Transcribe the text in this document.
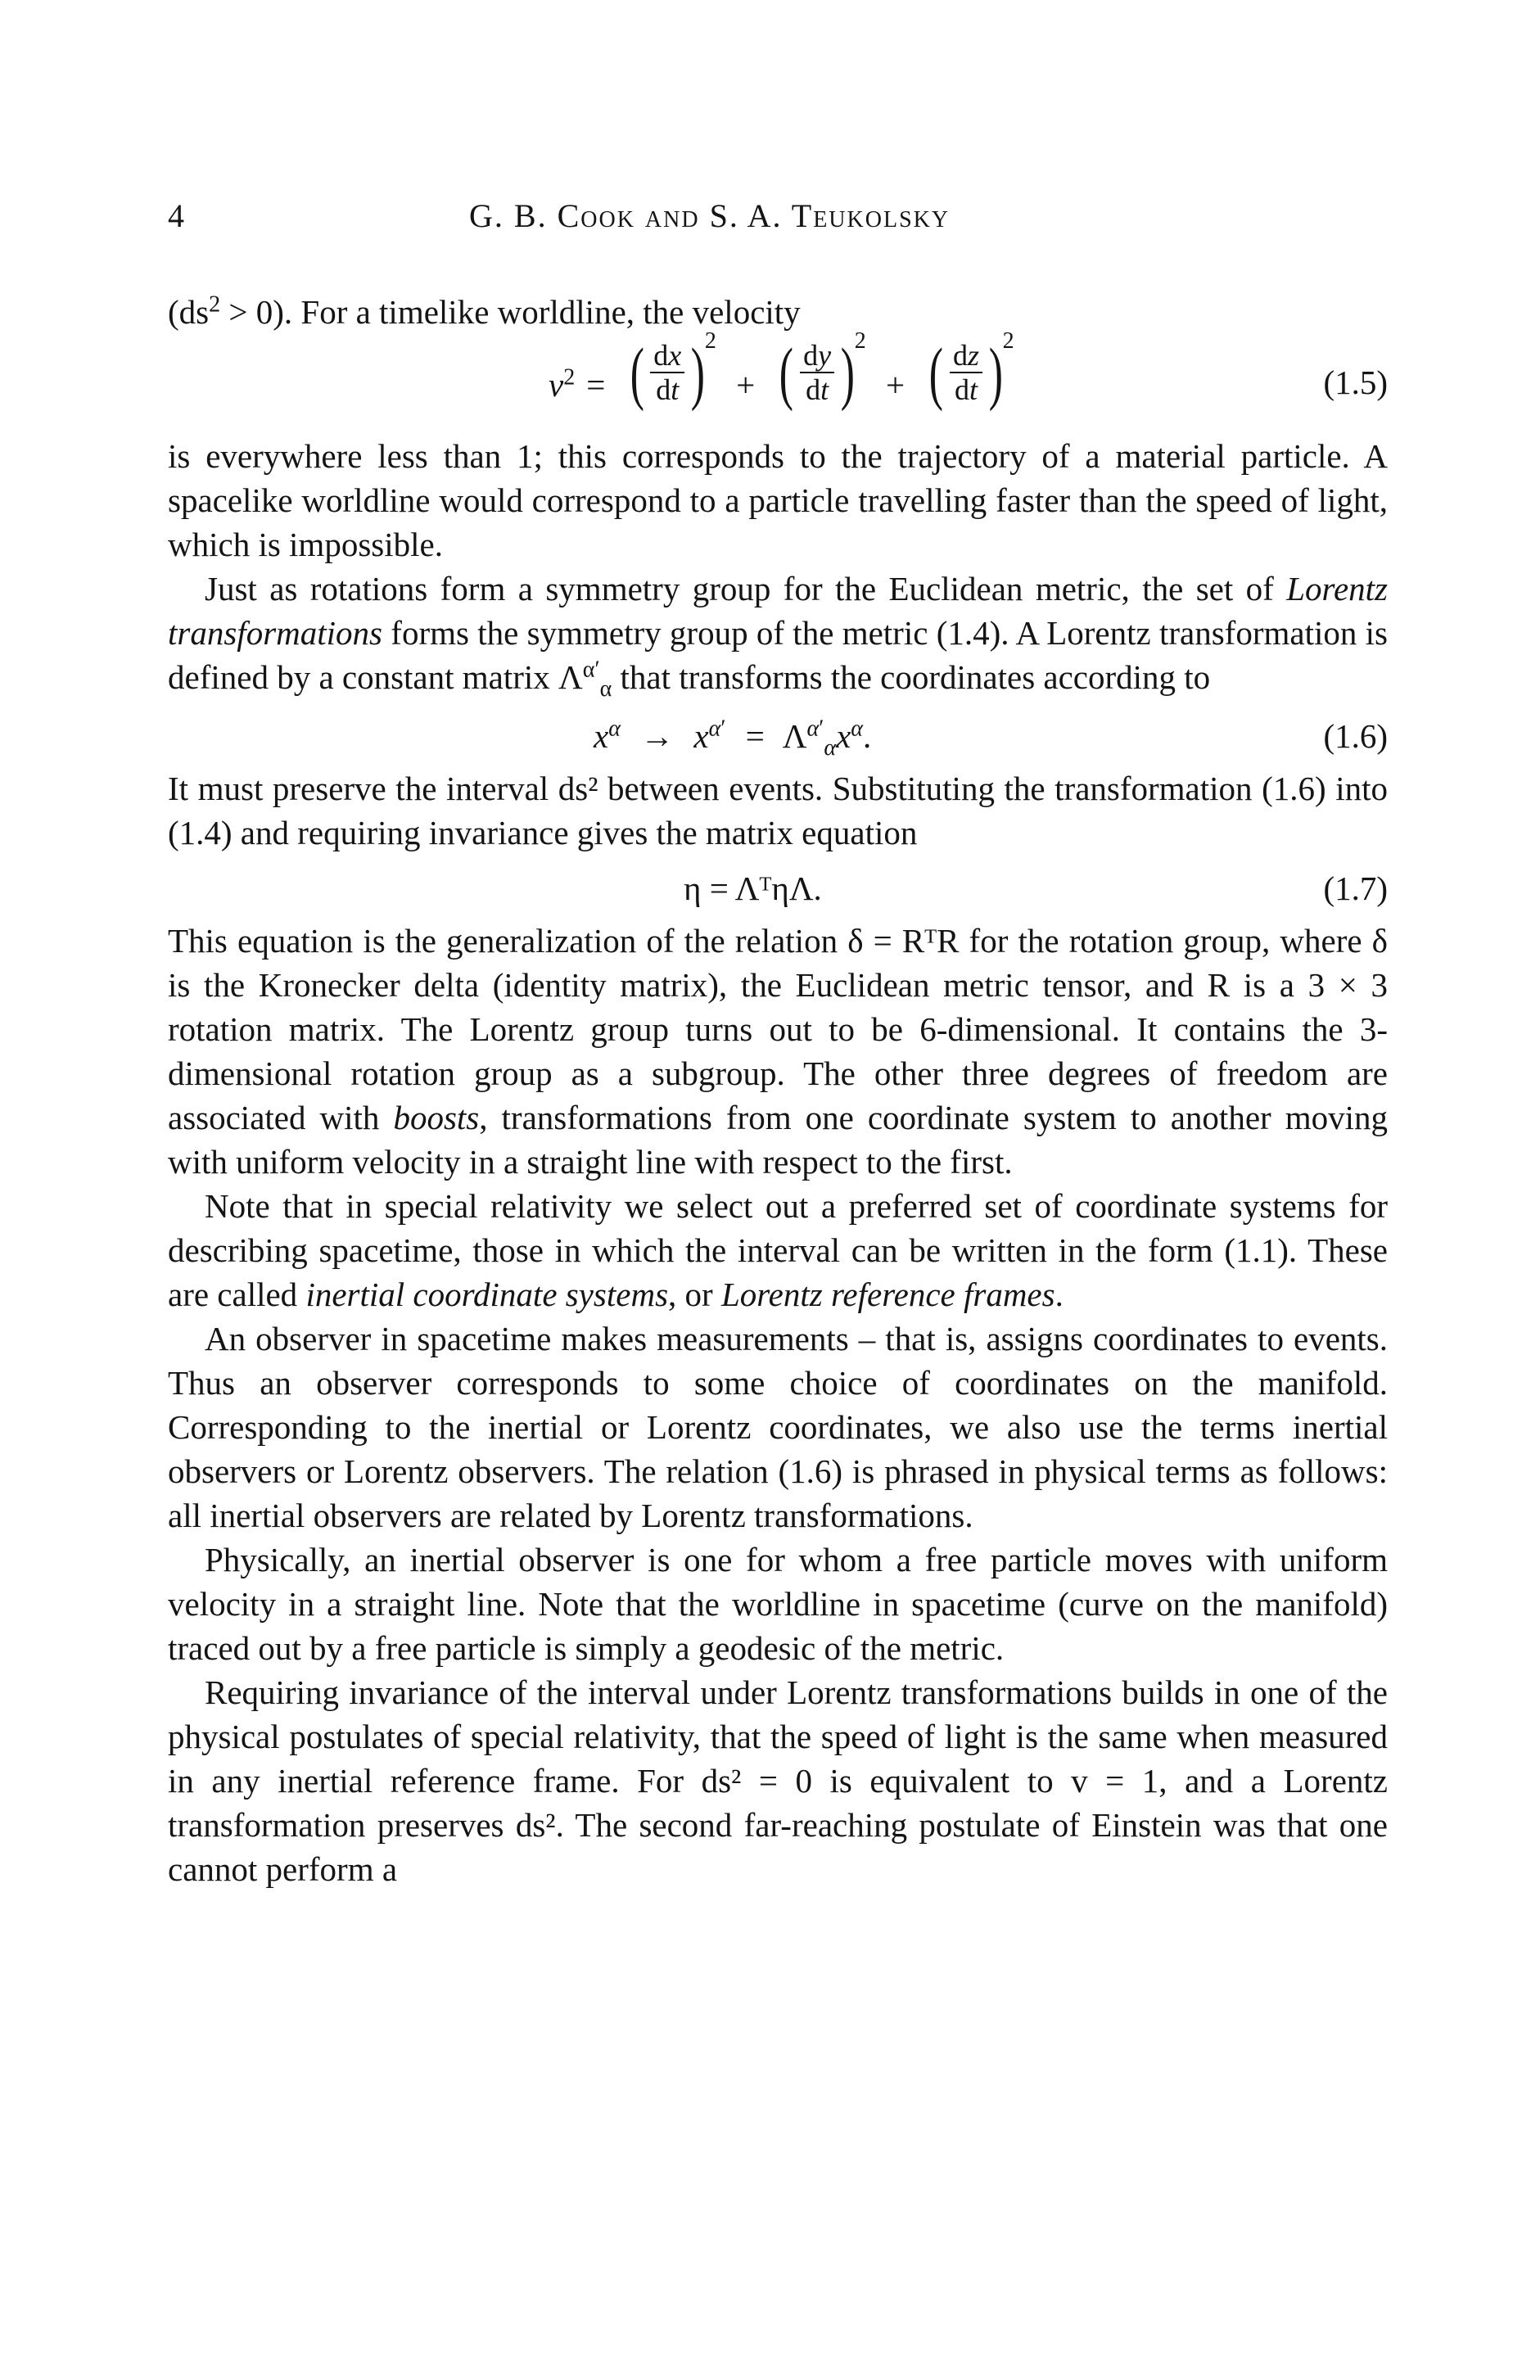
4	G. B. Cook and S. A. Teukolsky

$(ds^2 > 0)$. For a timelike worldline, the velocity

$v^2$ = ( $\frac{dx}{dt} )^2$
+ ( $\frac{dy}{dt} )^2$
+ ( $\frac{dz}{dt} )^2$
(1.5)

is everywhere less than 1; this corresponds to the trajectory of a material particle. A spacelike worldline would correspond to a particle travelling faster than the speed of light, which is impossible.

Just as rotations form a symmetry group for the Euclidean metric, the set of Lorentz transformations forms the symmetry group of the metric (1.4). A Lorentz transformation is defined by a constant matrix $\Lambda^{\alpha'}_\alpha$ that transforms the coordinates according to

$x^\alpha \to x^{\alpha'} = \Lambda^{\alpha'}_\alpha x^\alpha$.	(1.6)

It must preserve the interval ds² between events. Substituting the transformation (1.6) into (1.4) and requiring invariance gives the matrix equation

η = ΛᵀηΛ.	(1.7)

This equation is the generalization of the relation δ = RᵀR for the rotation group, where δ is the Kronecker delta (identity matrix), the Euclidean metric tensor, and R is a 3 × 3 rotation matrix. The Lorentz group turns out to be 6-dimensional. It contains the 3-dimensional rotation group as a subgroup. The other three degrees of freedom are associated with boosts, transformations from one coordinate system to another moving with uniform velocity in a straight line with respect to the first.

Note that in special relativity we select out a preferred set of coordinate systems for describing spacetime, those in which the interval can be written in the form (1.1). These are called inertial coordinate systems, or Lorentz reference frames.

An observer in spacetime makes measurements – that is, assigns coordinates to events. Thus an observer corresponds to some choice of coordinates on the manifold. Corresponding to the inertial or Lorentz coordinates, we also use the terms inertial observers or Lorentz observers. The relation (1.6) is phrased in physical terms as follows: all inertial observers are related by Lorentz transformations.

Physically, an inertial observer is one for whom a free particle moves with uniform velocity in a straight line. Note that the worldline in spacetime (curve on the manifold) traced out by a free particle is simply a geodesic of the metric.

Requiring invariance of the interval under Lorentz transformations builds in one of the physical postulates of special relativity, that the speed of light is the same when measured in any inertial reference frame. For ds² = 0 is equivalent to v = 1, and a Lorentz transformation preserves ds². The second far-reaching postulate of Einstein was that one cannot perform a
